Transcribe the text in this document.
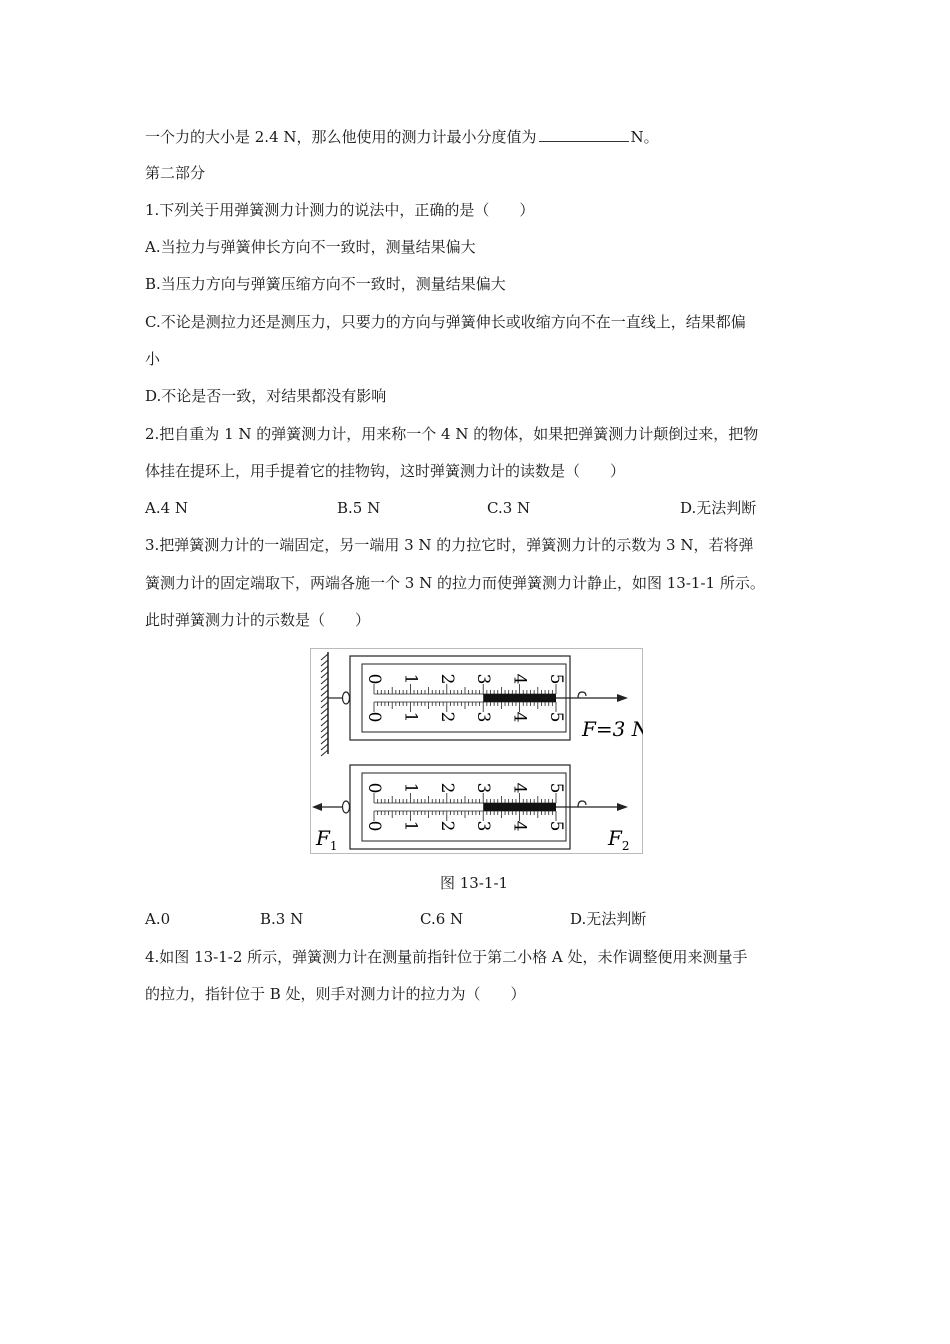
一个力的大小是 2.4 N，那么他使用的测力计最小分度值为	N。
第二部分
1.下列关于用弹簧测力计测力的说法中，正确的是（　　）
A.当拉力与弹簧伸长方向不一致时，测量结果偏大
B.当压力方向与弹簧压缩方向不一致时，测量结果偏大
C.不论是测拉力还是测压力，只要力的方向与弹簧伸长或收缩方向不在一直线上，结果都偏
小
D.不论是否一致，对结果都没有影响
2.把自重为 1 N 的弹簧测力计，用来称一个 4 N 的物体，如果把弹簧测力计颠倒过来，把物
体挂在提环上，用手提着它的挂物钩，这时弹簧测力计的读数是（　　）
A.4 N	B.5 N	C.3 N	D.无法判断
3.把弹簧测力计的一端固定，另一端用 3 N 的力拉它时，弹簧测力计的示数为 3 N，若将弹
簧测力计的固定端取下，两端各施一个 3 N 的拉力而使弹簧测力计静止，如图 13-1-1 所示。
此时弹簧测力计的示数是（　　）
0
0
1
1
2
2
3
3
4
4
5
5
0
0
1
1
2
2
3
3
4
4
5
5
F=3 N
$F_1$	$F_2$
图 13-1-1
A.0	B.3 N	C.6 N	D.无法判断
4.如图 13-1-2 所示，弹簧测力计在测量前指针位于第二小格 A 处，未作调整便用来测量手
的拉力，指针位于 B 处，则手对测力计的拉力为（　　）
